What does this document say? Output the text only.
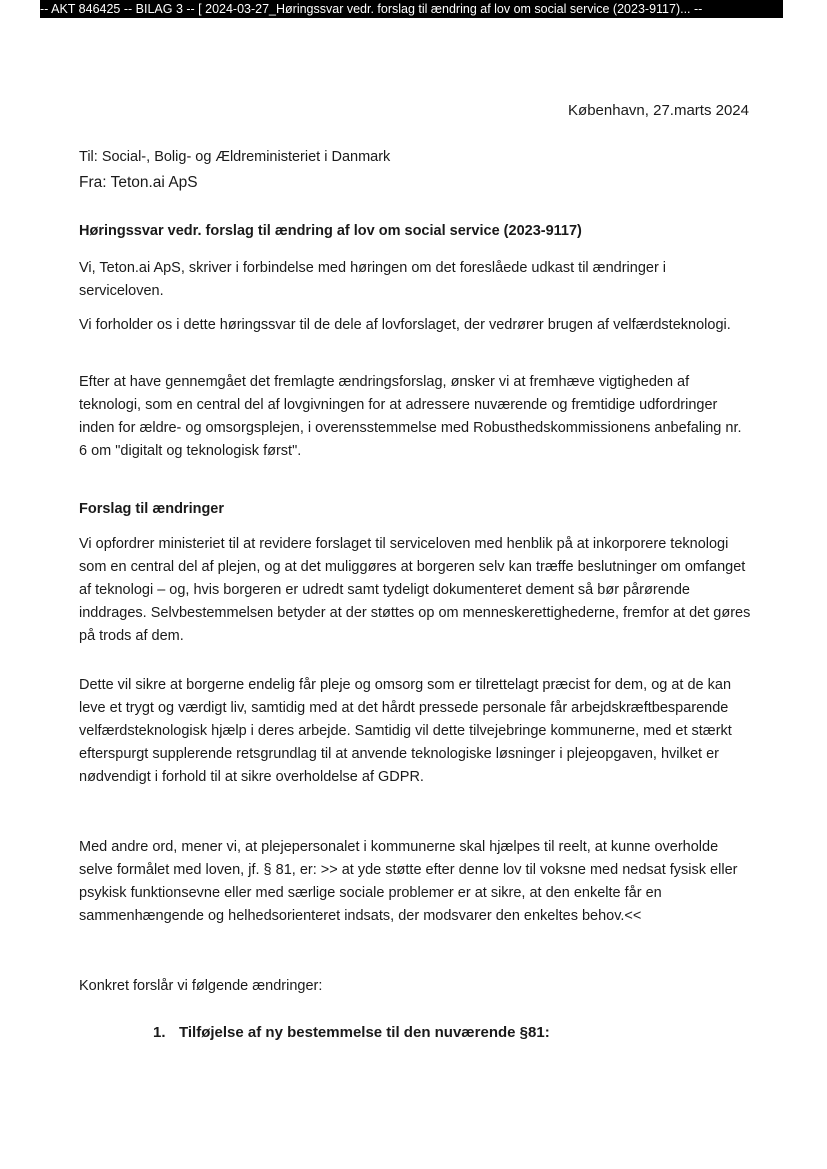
-- AKT 846425 -- BILAG 3 -- [ 2024-03-27_Høringssvar vedr. forslag til ændring af lov om social service (2023-9117)... --
København, 27.marts 2024
Til: Social-, Bolig- og Ældreministeriet i Danmark
Fra: Teton.ai ApS
Høringssvar vedr. forslag til ændring af lov om social service (2023-9117)

Vi, Teton.ai ApS, skriver i forbindelse med høringen om det foreslåede udkast til ændringer i serviceloven.

Vi forholder os i dette høringssvar til de dele af lovforslaget, der vedrører brugen af velfærdsteknologi.

Efter at have gennemgået det fremlagte ændringsforslag, ønsker vi at fremhæve vigtigheden af teknologi, som en central del af lovgivningen for at adressere nuværende og fremtidige udfordringer inden for ældre- og omsorgsplejen, i overensstemmelse med Robusthedskommissionens anbefaling nr. 6 om "digitalt og teknologisk først".

Forslag til ændringer

Vi opfordrer ministeriet til at revidere forslaget til serviceloven med henblik på at inkorporere teknologi som en central del af plejen, og at det muliggøres at borgeren selv kan træffe beslutninger om omfanget af teknologi – og, hvis borgeren er udredt samt tydeligt dokumenteret dement så bør pårørende inddrages. Selvbestemmelsen betyder at der støttes op om menneskerettighederne, fremfor at det gøres på trods af dem.

Dette vil sikre at borgerne endelig får pleje og omsorg som er tilrettelagt præcist for dem, og at de kan leve et trygt og værdigt liv, samtidig med at det hårdt pressede personale får arbejdskræftbesparende velfærdsteknologisk hjælp i deres arbejde. Samtidig vil dette tilvejebringe kommunerne, med et stærkt efterspurgt supplerende retsgrundlag til at anvende teknologiske løsninger i plejeopgaven, hvilket er nødvendigt i forhold til at sikre overholdelse af GDPR.

Med andre ord, mener vi, at plejepersonalet i kommunerne skal hjælpes til reelt, at kunne overholde selve formålet med loven, jf. § 81, er: >> at yde støtte efter denne lov til voksne med nedsat fysisk eller psykisk funktionsevne eller med særlige sociale problemer er at sikre, at den enkelte får en sammenhængende og helhedsorienteret indsats, der modsvarer den enkeltes behov.<<

Konkret forslår vi følgende ændringer:

1. Tilføjelse af ny bestemmelse til den nuværende §81:
